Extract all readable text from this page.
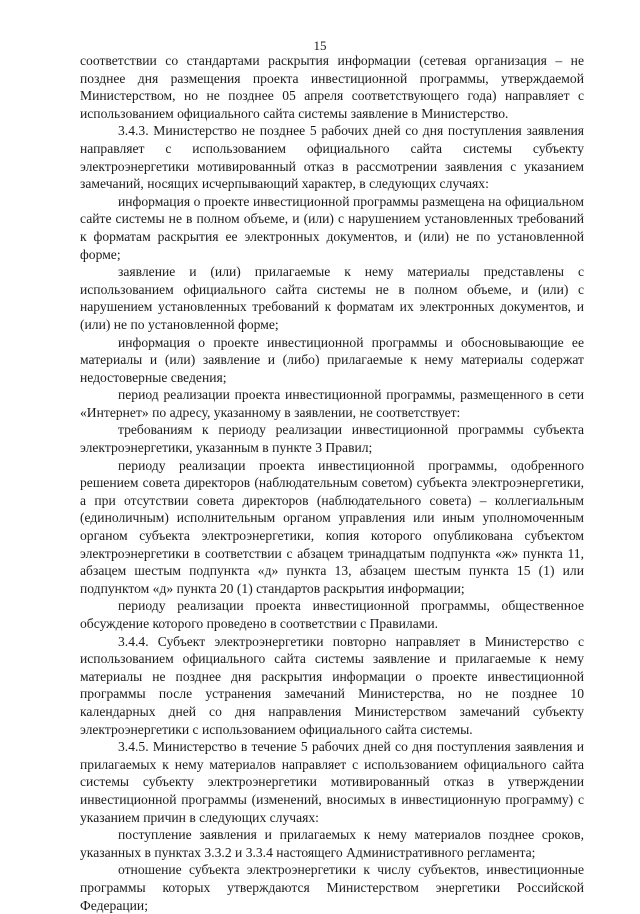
15

соответствии со стандартами раскрытия информации (сетевая организация – не позднее дня размещения проекта инвестиционной программы, утверждаемой Министерством, но не позднее 05 апреля соответствующего года) направляет с использованием официального сайта системы заявление в Министерство.

3.4.3. Министерство не позднее 5 рабочих дней со дня поступления заявления направляет с использованием официального сайта системы субъекту электроэнергетики мотивированный отказ в рассмотрении заявления с указанием замечаний, носящих исчерпывающий характер, в следующих случаях:

информация о проекте инвестиционной программы размещена на официальном сайте системы не в полном объеме, и (или) с нарушением установленных требований к форматам раскрытия ее электронных документов, и (или) не по установленной форме;

заявление и (или) прилагаемые к нему материалы представлены с использованием официального сайта системы не в полном объеме, и (или) с нарушением установленных требований к форматам их электронных документов, и (или) не по установленной форме;

информация о проекте инвестиционной программы и обосновывающие ее материалы и (или) заявление и (либо) прилагаемые к нему материалы содержат недостоверные сведения;

период реализации проекта инвестиционной программы, размещенного в сети «Интернет» по адресу, указанному в заявлении, не соответствует:

требованиям к периоду реализации инвестиционной программы субъекта электроэнергетики, указанным в пункте 3 Правил;

периоду реализации проекта инвестиционной программы, одобренного решением совета директоров (наблюдательным советом) субъекта электроэнергетики, а при отсутствии совета директоров (наблюдательного совета) – коллегиальным (единоличным) исполнительным органом управления или иным уполномоченным органом субъекта электроэнергетики, копия которого опубликована субъектом электроэнергетики в соответствии с абзацем тринадцатым подпункта «ж» пункта 11, абзацем шестым подпункта «д» пункта 13, абзацем шестым пункта 15 (1) или подпунктом «д» пункта 20 (1) стандартов раскрытия информации;

периоду реализации проекта инвестиционной программы, общественное обсуждение которого проведено в соответствии с Правилами.

3.4.4. Субъект электроэнергетики повторно направляет в Министерство с использованием официального сайта системы заявление и прилагаемые к нему материалы не позднее дня раскрытия информации о проекте инвестиционной программы после устранения замечаний Министерства, но не позднее 10 календарных дней со дня направления Министерством замечаний субъекту электроэнергетики с использованием официального сайта системы.

3.4.5. Министерство в течение 5 рабочих дней со дня поступления заявления и прилагаемых к нему материалов направляет с использованием официального сайта системы субъекту электроэнергетики мотивированный отказ в утверждении инвестиционной программы (изменений, вносимых в инвестиционную программу) с указанием причин в следующих случаях:

поступление заявления и прилагаемых к нему материалов позднее сроков, указанных в пунктах 3.3.2 и 3.3.4 настоящего Административного регламента;

отношение субъекта электроэнергетики к числу субъектов, инвестиционные программы которых утверждаются Министерством энергетики Российской Федерации;
